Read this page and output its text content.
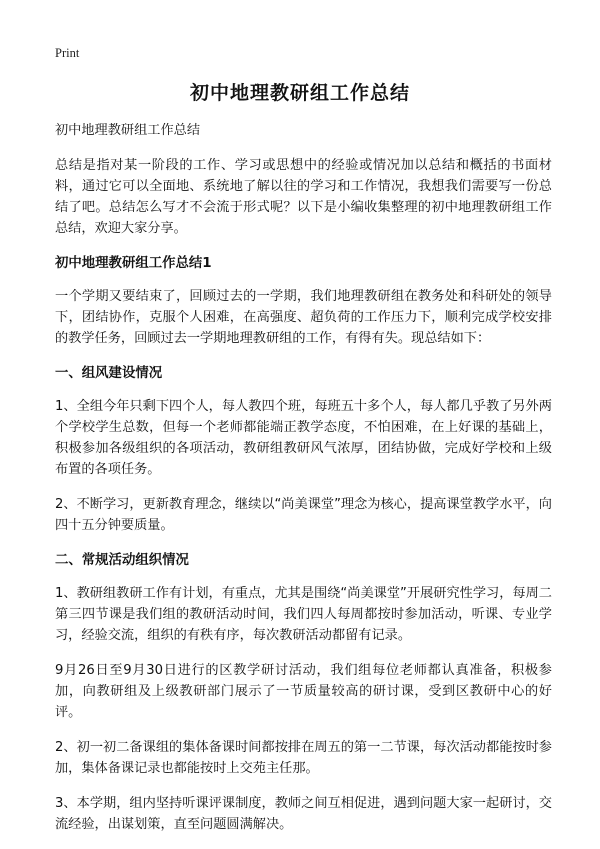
Print
初中地理教研组工作总结

初中地理教研组工作总结

总结是指对某一阶段的工作、学习或思想中的经验或情况加以总结和概括的书面材料，通过它可以全面地、系统地了解以往的学习和工作情况，我想我们需要写一份总结了吧。总结怎么写才不会流于形式呢？以下是小编收集整理的初中地理教研组工作总结，欢迎大家分享。

初中地理教研组工作总结1

一个学期又要结束了，回顾过去的一学期，我们地理教研组在教务处和科研处的领导下，团结协作，克服个人困难，在高强度、超负荷的工作压力下，顺利完成学校安排的教学任务，回顾过去一学期地理教研组的工作，有得有失。现总结如下：

一、组风建设情况

1、全组今年只剩下四个人，每人教四个班，每班五十多个人，每人都几乎教了另外两个学校学生总数，但每一个老师都能端正教学态度，不怕困难，在上好课的基础上，积极参加各级组织的各项活动，教研组教研风气浓厚，团结协做，完成好学校和上级布置的各项任务。

2、不断学习，更新教育理念，继续以“尚美课堂”理念为核心，提高课堂教学水平，向四十五分钟要质量。

二、常规活动组织情况

1、教研组教研工作有计划，有重点，尤其是围绕“尚美课堂”开展研究性学习，每周二第三四节课是我们组的教研活动时间，我们四人每周都按时参加活动，听课、专业学习，经验交流，组织的有秩有序，每次教研活动都留有记录。

9月26日至9月30日进行的区教学研讨活动，我们组每位老师都认真准备，积极参加，向教研组及上级教研部门展示了一节质量较高的研讨课，受到区教研中心的好评。

2、初一初二备课组的集体备课时间都按排在周五的第一二节课，每次活动都能按时参加，集体备课记录也都能按时上交苑主任那。

3、本学期，组内坚持听课评课制度，教师之间互相促进，遇到问题大家一起研讨，交流经验，出谋划策，直至问题圆满解决。
